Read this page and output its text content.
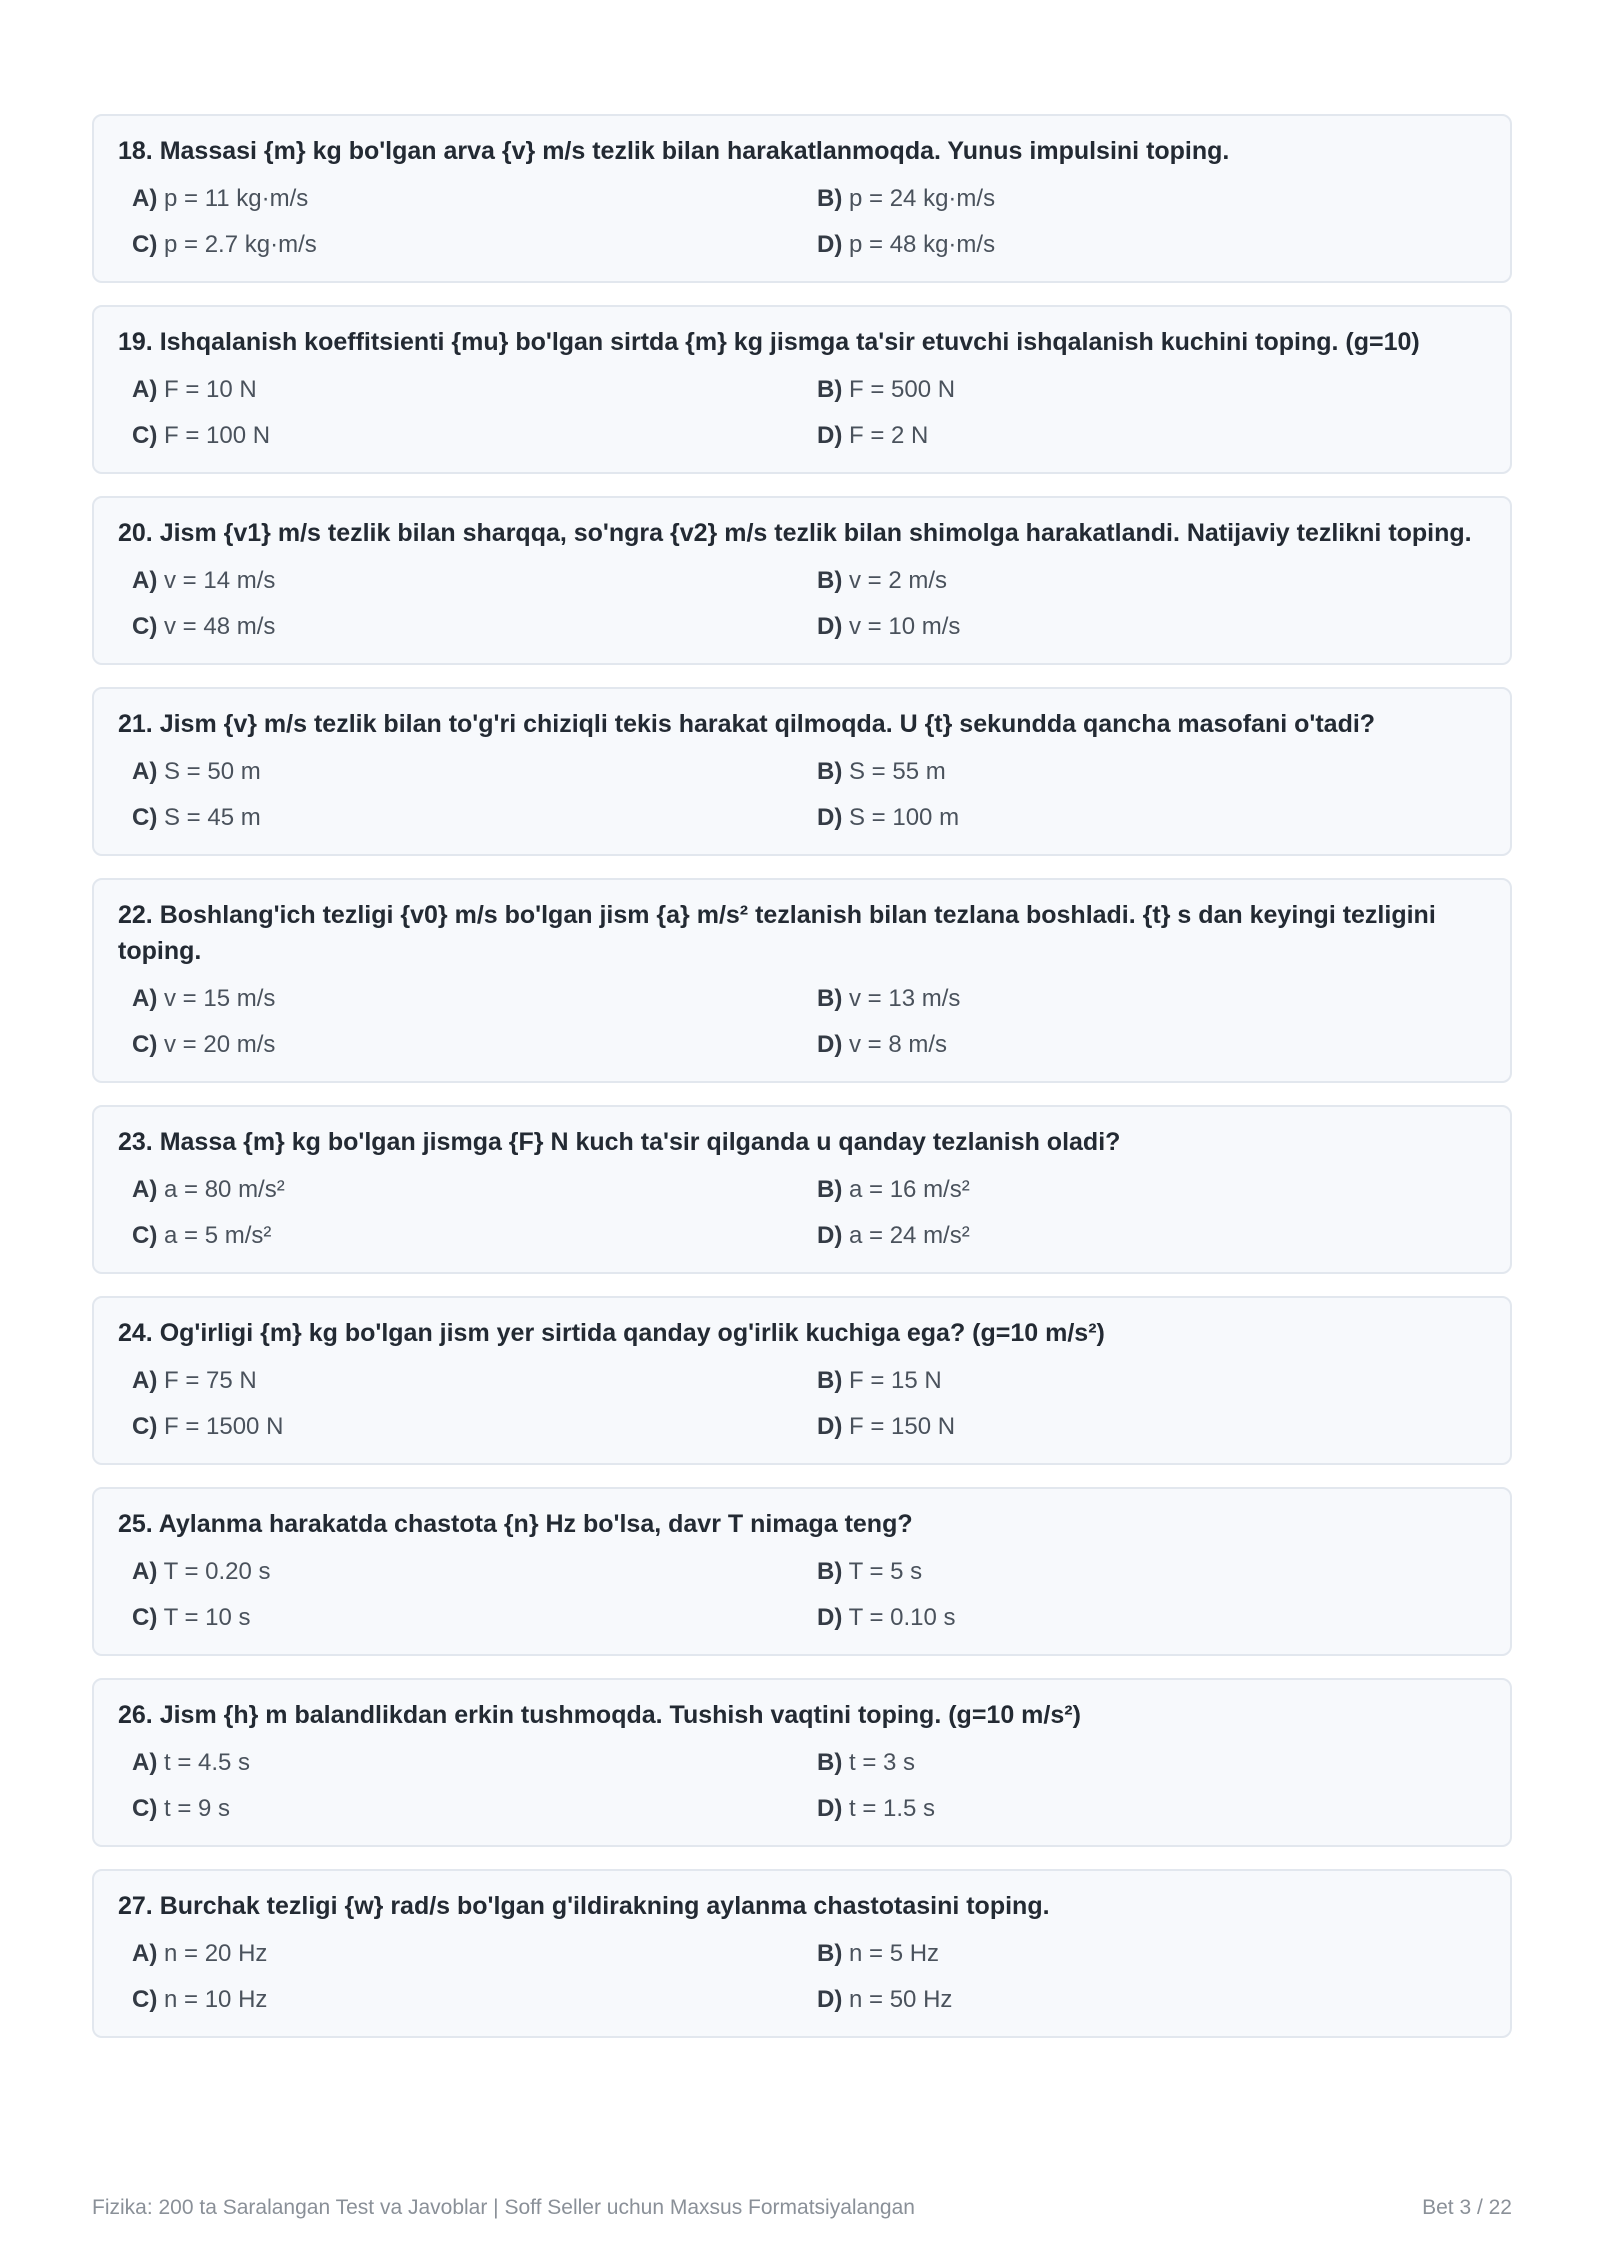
18. Massasi {m} kg bo'lgan arva {v} m/s tezlik bilan harakatlanmoqda. Yunus impulsini toping.
A) p = 11 kg·m/s	B) p = 24 kg·m/s
C) p = 2.7 kg·m/s	D) p = 48 kg·m/s
19. Ishqalanish koeffitsienti {mu} bo'lgan sirtda {m} kg jismga ta'sir etuvchi ishqalanish kuchini toping. (g=10)
A) F = 10 N	B) F = 500 N
C) F = 100 N	D) F = 2 N
20. Jism {v1} m/s tezlik bilan sharqqa, so'ngra {v2} m/s tezlik bilan shimolga harakatlandi. Natijaviy tezlikni toping.
A) v = 14 m/s	B) v = 2 m/s
C) v = 48 m/s	D) v = 10 m/s
21. Jism {v} m/s tezlik bilan to'g'ri chiziqli tekis harakat qilmoqda. U {t} sekundda qancha masofani o'tadi?
A) S = 50 m	B) S = 55 m
C) S = 45 m	D) S = 100 m
22. Boshlang'ich tezligi {v0} m/s bo'lgan jism {a} m/s² tezlanish bilan tezlana boshladi. {t} s dan keyingi tezligini toping.
A) v = 15 m/s	B) v = 13 m/s
C) v = 20 m/s	D) v = 8 m/s
23. Massa {m} kg bo'lgan jismga {F} N kuch ta'sir qilganda u qanday tezlanish oladi?
A) a = 80 m/s²	B) a = 16 m/s²
C) a = 5 m/s²	D) a = 24 m/s²
24. Og'irligi {m} kg bo'lgan jism yer sirtida qanday og'irlik kuchiga ega? (g=10 m/s²)
A) F = 75 N	B) F = 15 N
C) F = 1500 N	D) F = 150 N
25. Aylanma harakatda chastota {n} Hz bo'lsa, davr T nimaga teng?
A) T = 0.20 s	B) T = 5 s
C) T = 10 s	D) T = 0.10 s
26. Jism {h} m balandlikdan erkin tushmoqda. Tushish vaqtini toping. (g=10 m/s²)
A) t = 4.5 s	B) t = 3 s
C) t = 9 s	D) t = 1.5 s
27. Burchak tezligi {w} rad/s bo'lgan g'ildirakning aylanma chastotasini toping.
A) n = 20 Hz	B) n = 5 Hz
C) n = 10 Hz	D) n = 50 Hz
Fizika: 200 ta Saralangan Test va Javoblar | Soff Seller uchun Maxsus Formatsiyalangan	Bet 3 / 22
